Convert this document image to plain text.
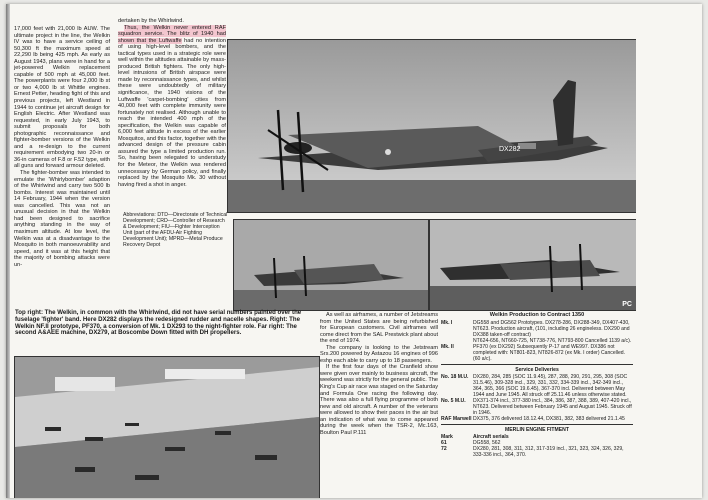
17,000 feet with 21,000 lb AUW. The ultimate project in the line, the Welkin IV was to have a service ceiling of 50,300 ft the maximum speed at 22,290 lb being 425 mph. As early as August 1943, plans were in hand for a jet-powered Welkin replacement capable of 500 mph at 45,000 feet. The powerplants were four 2,000 lb st or two 4,000 lb st Whittle engines. Ernest Petter, heading fight of this and previous projects, left Westland in 1944 to continue jet aircraft design for English Electric. After Westland was requested, in early July 1943, to submit proposals for both photographic reconnaissance and fighter-bomber versions of the Welkin and a re-design to the current requirement embodying two 20-in or 36-in cameras of F.8 or F.52 type, with all guns and forward armour deleted.

The fighter-bomber was intended to emulate the 'Whirlybomber' adaption of the Whirlwind and carry two 500 lb bombs. Interest was maintained until 14 February, 1944 when the version was cancelled. This was not an unusual decision in that the Welkin had been designed to sacrifice anything standing in the way of maximum altitude. At low level, the Welkin was at a disadvantage to the Mosquito in both manoeuvrability and speed, and it was at this height that the majority of bombing attacks were un-

dertaken by the Whirlwind.

Thus, the Welkin never entered RAF squadron service. The blitz of 1940 had shown that the Luftwaffe had no intention of using high-level bombers, and the tactical types used in a strategic role were well within the altitudes attainable by mass-produced British fighters. The only high-level intrusions of British airspace were made by reconnaissance types, and whilst these were undoubtedly of military significance, the 1940 visions of the Luftwaffe 'carpet-bombing' cities from 40,000 feet with complete immunity were fortunately not realised. Although unable to reach the intended 400 mph of the specification, the Welkin was capable of 6,000 feet altitude in excess of the earlier Mosquitos, and this factor, together with the advanced design of the pressure cabin assured the type a limited production run. So, having been relegated to understudy for the Meteor, the Welkin was rendered unnecessary by German policy, and finally replaced by the Mosquito Mk. 30 without having fired a shot in anger.

DX282
Abbreviations: DTD—Directorate of Technical Development; CRD—Controller of Research & Development; FIU—Fighter Interception Unit (part of the AFDU-Air Fighting Development Unit); MPRD—Metal Produce Recovery Depot
PC
Top right: The Welkin, in common with the Whirlwind, did not have serial numbers painted over the fuselage 'fighter' band. Here DX282 displays the redesigned rudder and nacelle shapes. Right: The Welkin NF.II prototype, PF370, a conversion of Mk. 1 DX293 to the night-fighter role. Far right: The second A&AEE machine, DX279, at Boscombe Down fitted with DH propellers.

As well as airframes, a number of Jetstreams from the United States are being refurbished for European customers. Civil airframes will come direct from the SAL Prestwick plant about the end of 1974.

The company is looking to the Jetstream Srs.200 powered by Astazou 16 engines of 996 eshp each able to carry up to 18 passengers.

If the first four days of the Cranfield show were given over mainly to business aircraft, the weekend was strictly for the general public. The King's Cup air race was staged on the Saturday and Formula One racing the following day. There was also a full flying programme of both new and old aircraft. A number of the veterans were allowed to show their paces in the air but an indication of what was to come appeared during the week when the TSR-2, Mc.163, Boulton Paul P.111

Welkin Production to Contract 1350
Mk. I	DG558 and DG562 Prototypes. DX278-286, DX288-349, DX407-430, NT623. Production aircraft, (101, including 26 engineless. DX290 and DX388 taken-off contract)
NT624-656, NT660-725, NT738-776, NT793-800 Cancelled 1139 a/c).
Mk. II	PF370 (ex DX292) Subsequently P-17 and WE997. DX386 not completed with: NT801-823, NT826-872 (ex Mk. I order) Cancelled. (60 a/c).
Service Deliveries
No. 18 M.U. DX280, 284, 285 (SOC 11.9.45), 287, 288, 290, 291, 295, 308 (SOC 31.5.46), 309-328 incl., 329, 331, 332, 334-339 incl., 342-349 incl., 364, 365, 366 (SOC 19.6.45), 367-370 incl. Delivered between May 1944 and June 1945. All struck off 25.11.46 unless otherwise stated.
No. 5 M.U.	DX371-374 incl., 377-380 incl., 384, 386, 387, 388, 389, 407-420 incl., NT623. Delivered between February 1945 and August 1945. Struck off in 1946.
RAF Marwell DX375, 376 delivered 18.12.44, DX381, 382, 383 delivered 21.1.45
MERLIN ENGINE FITMENT
Mark	Aircraft serials
61	DG558, 562
72	DX280, 281, 308, 311, 312, 317-319 incl., 321, 323, 324, 326, 329, 333-336 incl., 364, 370.
